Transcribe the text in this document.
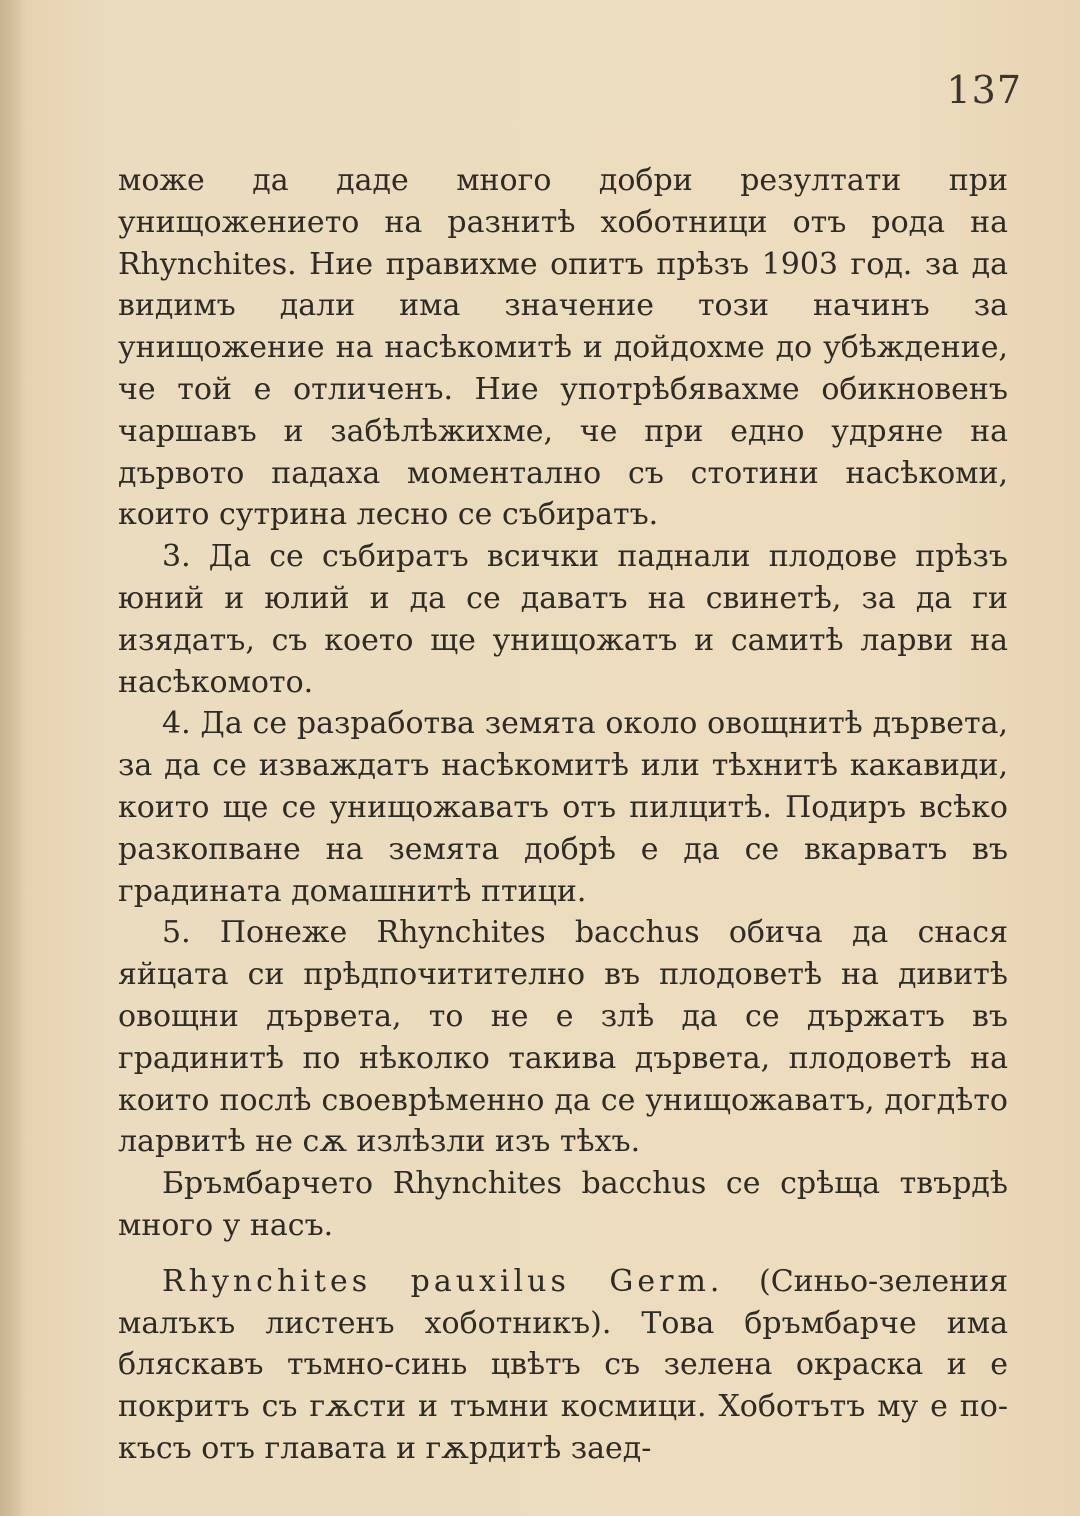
137

може да даде много добри резултати при унищожението на разнитѣ хоботници отъ рода на Rhynchites. Ние правихме опитъ прѣзъ 1903 год. за да видимъ дали има значение този начинъ за унищожение на насѣкомитѣ и дойдохме до убѣждение, че той е отличенъ. Ние употрѣбявахме обикновенъ чаршавъ и забѣлѣжихме, че при едно удряне на дървото падаха моментално съ стотини насѣкоми, които сутрина лесно се събиратъ.

3. Да се събиратъ всички паднали плодове прѣзъ юний и юлий и да се даватъ на свинетѣ, за да ги изядатъ, съ което ще унищожатъ и самитѣ ларви на насѣкомото.

4. Да се разработва земята около овощнитѣ дървета, за да се изваждатъ насѣкомитѣ или тѣхнитѣ какавиди, които ще се унищожаватъ отъ пилцитѣ. Подиръ всѣко разкопване на земята добрѣ е да се вкарватъ въ градината домашнитѣ птици.

5. Понеже Rhynchites bacchus обича да снася яйцата си прѣдпочитително въ плодоветѣ на дивитѣ овощни дървета, то не е злѣ да се държатъ въ градинитѣ по нѣколко такива дървета, плодоветѣ на които послѣ своеврѣменно да се унищожаватъ, догдѣто ларвитѣ не сѫ излѣзли изъ тѣхъ.

Бръмбарчето Rhynchites bacchus се срѣща твърдѣ много у насъ.

Rhynchites pauxilus Germ. (Синьо-зеления малъкъ листенъ хоботникъ). Това бръмбарче има бляскавъ тъмно-синь цвѣтъ съ зелена окраска и е покритъ съ гѫсти и тъмни космици. Хоботътъ му е по-късъ отъ главата и гѫрдитѣ заед-
